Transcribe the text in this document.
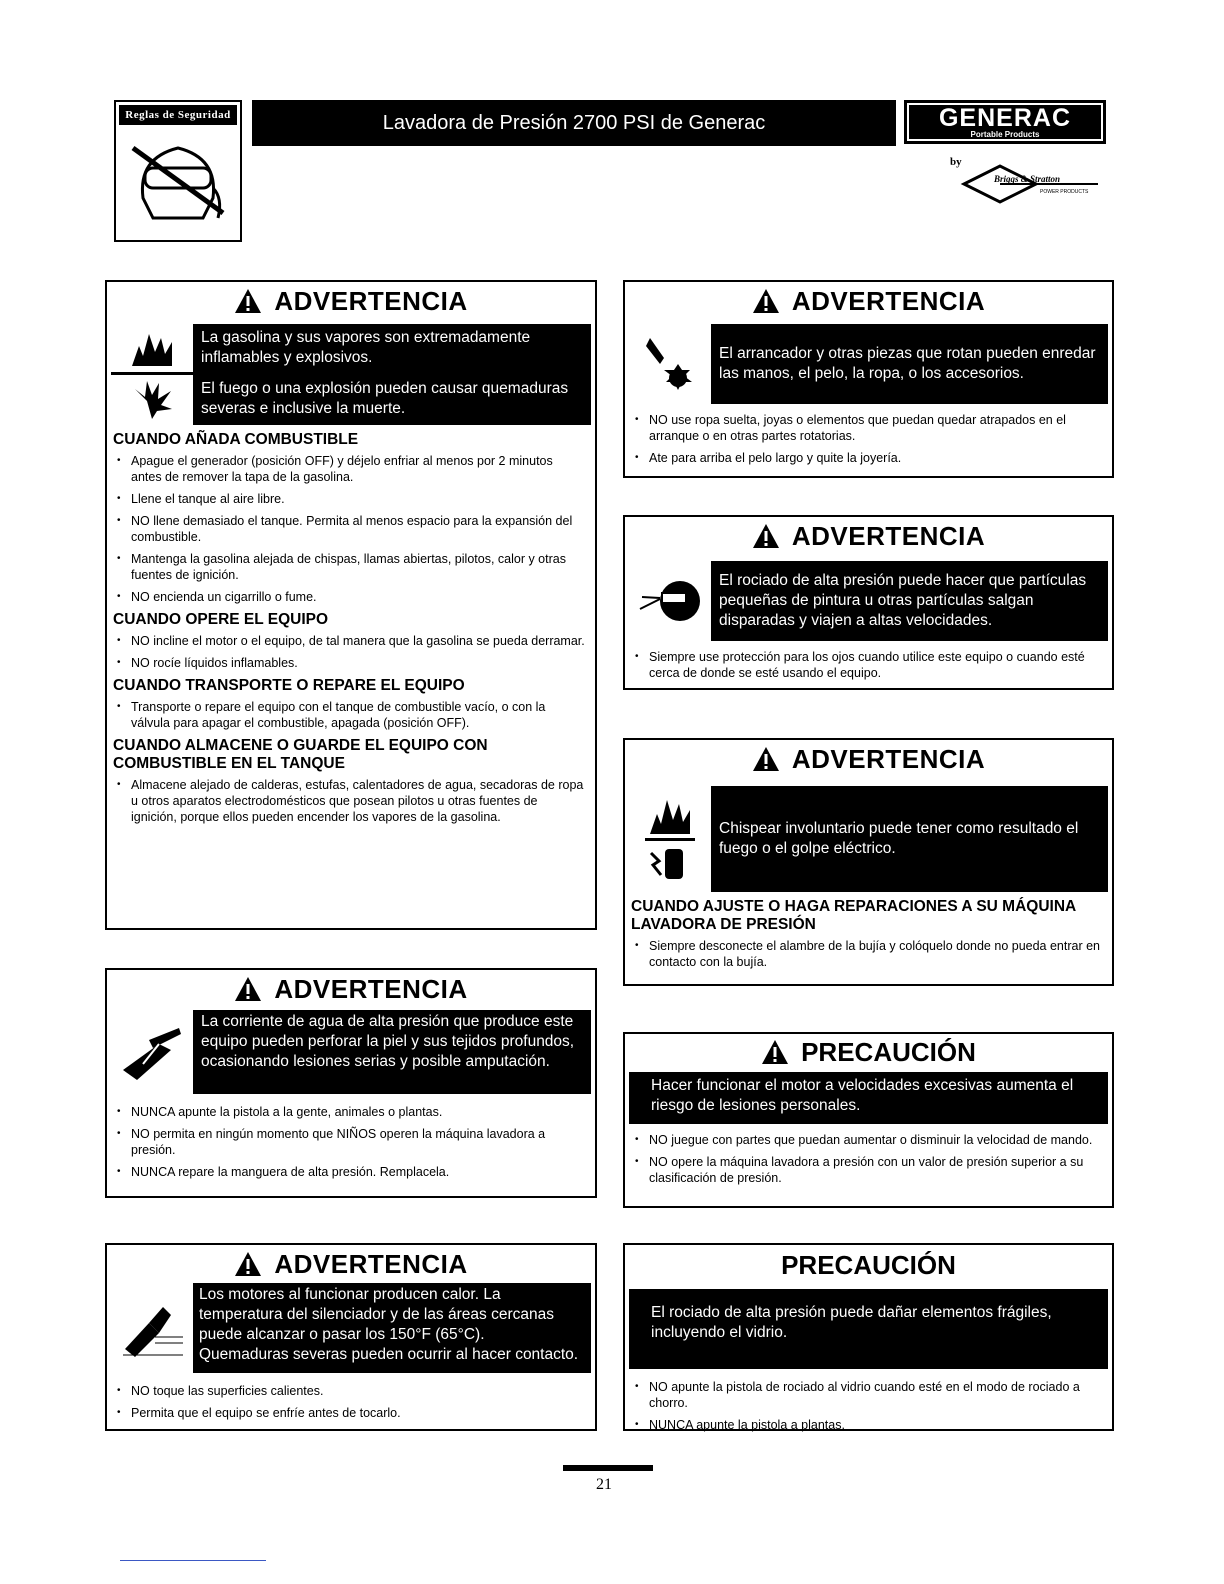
Reglas de Seguridad	Lavadora de Presión 2700 PSI de Generac	GENERAC
Portable Products
by
Briggs & Stratton
POWER PRODUCTS
ADVERTENCIA
La gasolina y sus vapores son extremadamente inflamables y explosivos.
El fuego o una explosión pueden causar quemaduras severas e inclusive la muerte.
CUANDO AÑADA COMBUSTIBLE
• Apague el generador (posición OFF) y déjelo enfriar al menos por 2 minutos antes de remover la tapa de la gasolina.
• Llene el tanque al aire libre.
• NO llene demasiado el tanque. Permita al menos espacio para la expansión del combustible.
• Mantenga la gasolina alejada de chispas, llamas abiertas, pilotos, calor y otras fuentes de ignición.
• NO encienda un cigarrillo o fume.
CUANDO OPERE EL EQUIPO
• NO incline el motor o el equipo, de tal manera que la gasolina se pueda derramar.
• NO rocíe líquidos inflamables.
CUANDO TRANSPORTE O REPARE EL EQUIPO
• Transporte o repare el equipo con el tanque de combustible vacío, o con la válvula para apagar el combustible, apagada (posición OFF).
CUANDO ALMACENE O GUARDE EL EQUIPO CON COMBUSTIBLE EN EL TANQUE
• Almacene alejado de calderas, estufas, calentadores de agua, secadoras de ropa u otros aparatos electrodomésticos que posean pilotos u otras fuentes de ignición, porque ellos pueden encender los vapores de la gasolina.
ADVERTENCIA
El arrancador y otras piezas que rotan pueden enredar las manos, el pelo, la ropa, o los accesorios.
• NO use ropa suelta, joyas o elementos que puedan quedar atrapados en el arranque o en otras partes rotatorias.
• Ate para arriba el pelo largo y quite la joyería.
ADVERTENCIA
El rociado de alta presión puede hacer que partículas pequeñas de pintura u otras partículas salgan disparadas y viajen a altas velocidades.
• Siempre use protección para los ojos cuando utilice este equipo o cuando esté cerca de donde se esté usando el equipo.
ADVERTENCIA
Chispear involuntario puede tener como resultado el fuego o el golpe eléctrico.
CUANDO AJUSTE O HAGA REPARACIONES A SU MÁQUINA LAVADORA DE PRESIÓN
• Siempre desconecte el alambre de la bujía y colóquelo donde no pueda entrar en contacto con la bujía.
ADVERTENCIA
La corriente de agua de alta presión que produce este equipo pueden perforar la piel y sus tejidos profundos, ocasionando lesiones serias y posible amputación.
• NUNCA apunte la pistola a la gente, animales o plantas.
• NO permita en ningún momento que NIÑOS operen la máquina lavadora a presión.
• NUNCA repare la manguera de alta presión. Remplacela.
PRECAUCIÓN
Hacer funcionar el motor a velocidades excesivas aumenta el riesgo de lesiones personales.
• NO juegue con partes que puedan aumentar o disminuir la velocidad de mando.
• NO opere la máquina lavadora a presión con un valor de presión superior a su clasificación de presión.
ADVERTENCIA
Los motores al funcionar producen calor. La temperatura del silenciador y de las áreas cercanas puede alcanzar o pasar los 150°F (65°C).
Quemaduras severas pueden ocurrir al hacer contacto.
• NO toque las superficies calientes.
• Permita que el equipo se enfríe antes de tocarlo.
PRECAUCIÓN
El rociado de alta presión puede dañar elementos frágiles, incluyendo el vidrio.
• NO apunte la pistola de rociado al vidrio cuando esté en el modo de rociado a chorro.
• NUNCA apunte la pistola a plantas.
21
